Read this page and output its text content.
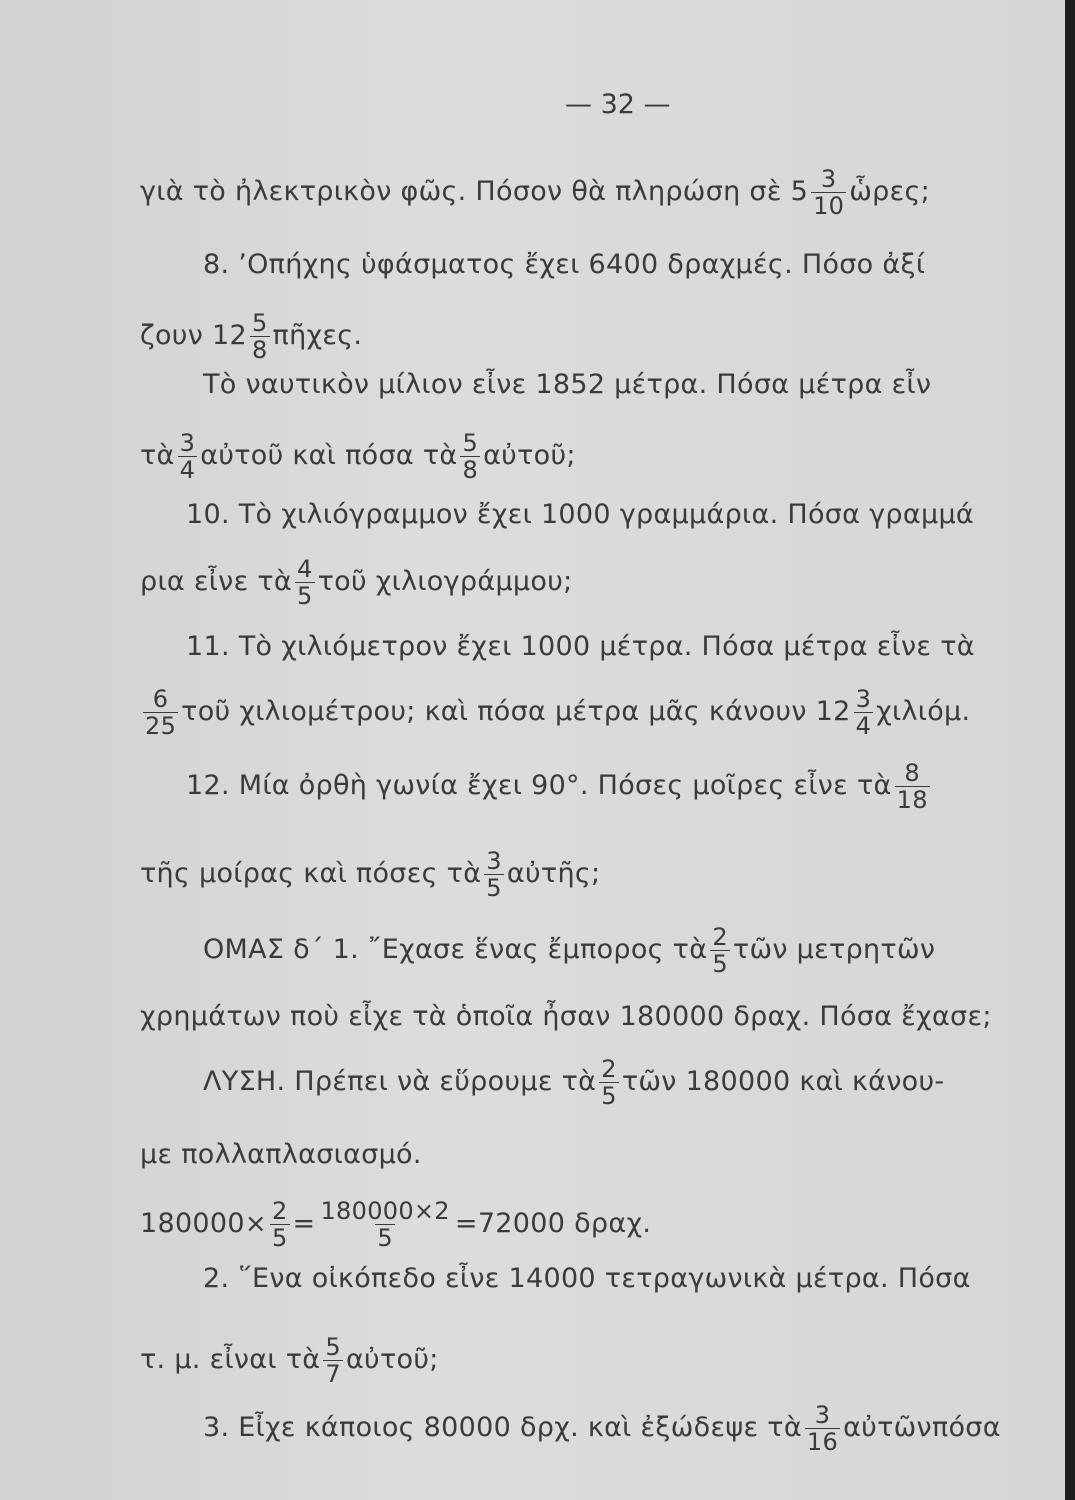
— 32 —
γιὰ τὸ ἠλεκτρικὸν φῶς. Πόσον θὰ πληρώση σὲ $5 \frac{3}{10}$ ὧρες;
8. ʼΟπήχης ὑφάσματος ἔχει 6400 δραχμές. Πόσο ἀξί
ζουν $12 \frac{5}{8}$ πῆχες.
Τὸ ναυτικὸν μίλιον εἶνε 1852 μέτρα. Πόσα μέτρα εἶν
τὰ $\frac{3}{4}$ αὐτοῦ καὶ πόσα τὰ $\frac{5}{8}$ αὐτοῦ;
10. Τὸ χιλιόγραμμον ἔχει 1000 γραμμάρια. Πόσα γραμμά
ρια εἶνε τὰ $\frac{4}{5}$ τοῦ χιλιογράμμου;
11. Τὸ χιλιόμετρον ἔχει 1000 μέτρα. Πόσα μέτρα εἶνε τὰ
$\frac{6}{25}$ τοῦ χιλιομέτρου; καὶ πόσα μέτρα μᾶς κάνουν $12 \frac{3}{4} \chi\iota\lambda\iota ό\mu$.
12. Μία ὀρθὴ γωνία ἔχει 90°. Πόσες μοῖρες εἶνε τὰ $\frac{8}{18}$
τῆς μοίρας καὶ πόσες τὰ $\frac{3}{5}$ αὐτῆς;
ΟΜΑΣ δ΄ 1. ῎Εχασε ἕνας ἔμπορος τὰ $\frac{2}{5}$ τῶν μετρητῶν
χρημάτων ποὺ εἶχε τὰ ὁποῖα ἦσαν 180000 δραχ. Πόσα ἔχασε;
ΛΥΣΗ. Πρέπει νὰ εὕρουμε τὰ $\frac{2}{5}$ τῶν 180000 καὶ κάνου-
με πολλαπλασιασμό.
$180000\times \frac{2}{5} = \frac{180000\times 2}{5} =72000$ δραχ.
2. ῞Ενα οἰκόπεδο εἶνε 14000 τετραγωνικὰ μέτρα. Πόσα
τ. μ. εἶναι τὰ $\frac{5}{7}$ αὐτοῦ;
3. Εἶχε κάποιος 80000 δρχ. καὶ ἐξώδεψε τὰ $\frac{3}{16}$ αὐτῶνπόσα
